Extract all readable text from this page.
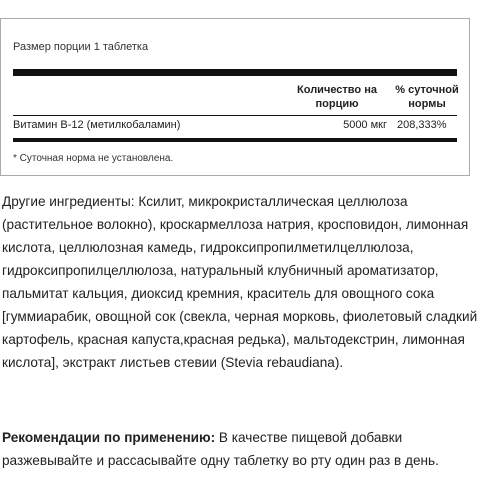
Размер порции 1 таблетка
Количество на порцию
% суточной нормы
Витамин B-12 (метилкобаламин)	5000 мкг 208,333%
* Суточная норма не установлена.

Другие ингредиенты: Ксилит, микрокристаллическая целлюлоза (растительное волокно), кроскармеллоза натрия, кросповидон, лимонная кислота, целлюлозная камедь, гидроксипропилметилцеллюлоза, гидроксипропилцеллюлоза, натуральный клубничный ароматизатор, пальмитат кальция, диоксид кремния, краситель для овощного сока [гуммиарабик, овощной сок (свекла, черная морковь, фиолетовый сладкий картофель, красная капуста,красная редька), мальтодекстрин, лимонная кислота], экстракт листьев стевии (Stevia rebaudiana).

Рекомендации по применению: В качестве пищевой добавки разжевывайте и рассасывайте одну таблетку во рту один раз в день.
